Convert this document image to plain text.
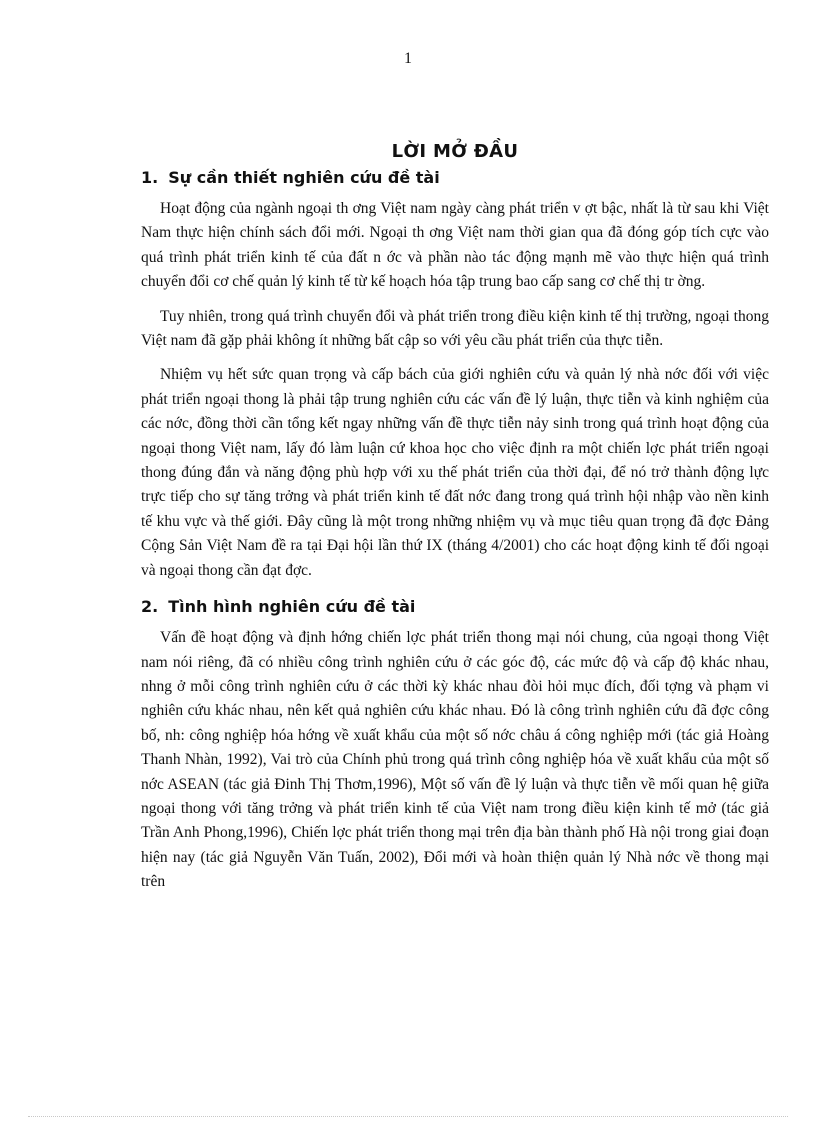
1
LỜI MỞ ĐẦU
1. Sự cần thiết nghiên cứu đề tài

Hoạt động của ngành ngoại th ơng Việt nam ngày càng phát triển v ợt bậc, nhất là từ sau khi Việt Nam thực hiện chính sách đổi mới. Ngoại th ơng Việt nam thời gian qua đã đóng góp tích cực vào quá trình phát triển kinh tế của đất n ớc và phần nào tác động mạnh mẽ vào thực hiện quá trình chuyển đổi cơ chế quản lý kinh tế từ kế hoạch hóa tập trung bao cấp sang cơ chế thị tr ờng.

Tuy nhiên, trong quá trình chuyển đổi và phát triển trong điều kiện kinh tế thị trường, ngoại thong Việt nam đã gặp phải không ít những bất cập so với yêu cầu phát triển của thực tiễn.

Nhiệm vụ hết sức quan trọng và cấp bách của giới nghiên cứu và quản lý nhà nớc đối với việc phát triển ngoại thong là phải tập trung nghiên cứu các vấn đề lý luận, thực tiễn và kinh nghiệm của các nớc, đồng thời cần tổng kết ngay những vấn đề thực tiễn nảy sinh trong quá trình hoạt động của ngoại thong Việt nam, lấy đó làm luận cứ khoa học cho việc định ra một chiến lợc phát triển ngoại thong đúng đắn và năng động phù hợp với xu thế phát triển của thời đại, để nó trở thành động lực trực tiếp cho sự tăng trởng và phát triển kinh tế đất nớc đang trong quá trình hội nhập vào nền kinh tế khu vực và thế giới. Đây cũng là một trong những nhiệm vụ và mục tiêu quan trọng đã đợc Đảng Cộng Sản Việt Nam đề ra tại Đại hội lần thứ IX (tháng 4/2001) cho các hoạt động kinh tế đối ngoại và ngoại thong cần đạt đợc.

2. Tình hình nghiên cứu đề tài

Vấn đề hoạt động và định hớng chiến lợc phát triển thong mại nói chung, của ngoại thong Việt nam nói riêng, đã có nhiều công trình nghiên cứu ở các góc độ, các mức độ và cấp độ khác nhau, nhng ở mỗi công trình nghiên cứu ở các thời kỳ khác nhau đòi hỏi mục đích, đối tợng và phạm vi nghiên cứu khác nhau, nên kết quả nghiên cứu khác nhau. Đó là công trình nghiên cứu đã đợc công bố, nh: công nghiệp hóa hớng về xuất khẩu của một số nớc châu á công nghiệp mới (tác giả Hoàng Thanh Nhàn, 1992), Vai trò của Chính phủ trong quá trình công nghiệp hóa về xuất khẩu của một số nớc ASEAN (tác giả Đinh Thị Thơm,1996), Một số vấn đề lý luận và thực tiễn về mối quan hệ giữa ngoại thong với tăng trởng và phát triển kinh tế của Việt nam trong điều kiện kinh tế mở (tác giả Trần Anh Phong,1996), Chiến lợc phát triển thong mại trên địa bàn thành phố Hà nội trong giai đoạn hiện nay (tác giả Nguyễn Văn Tuấn, 2002), Đổi mới và hoàn thiện quản lý Nhà nớc về thong mại trên
